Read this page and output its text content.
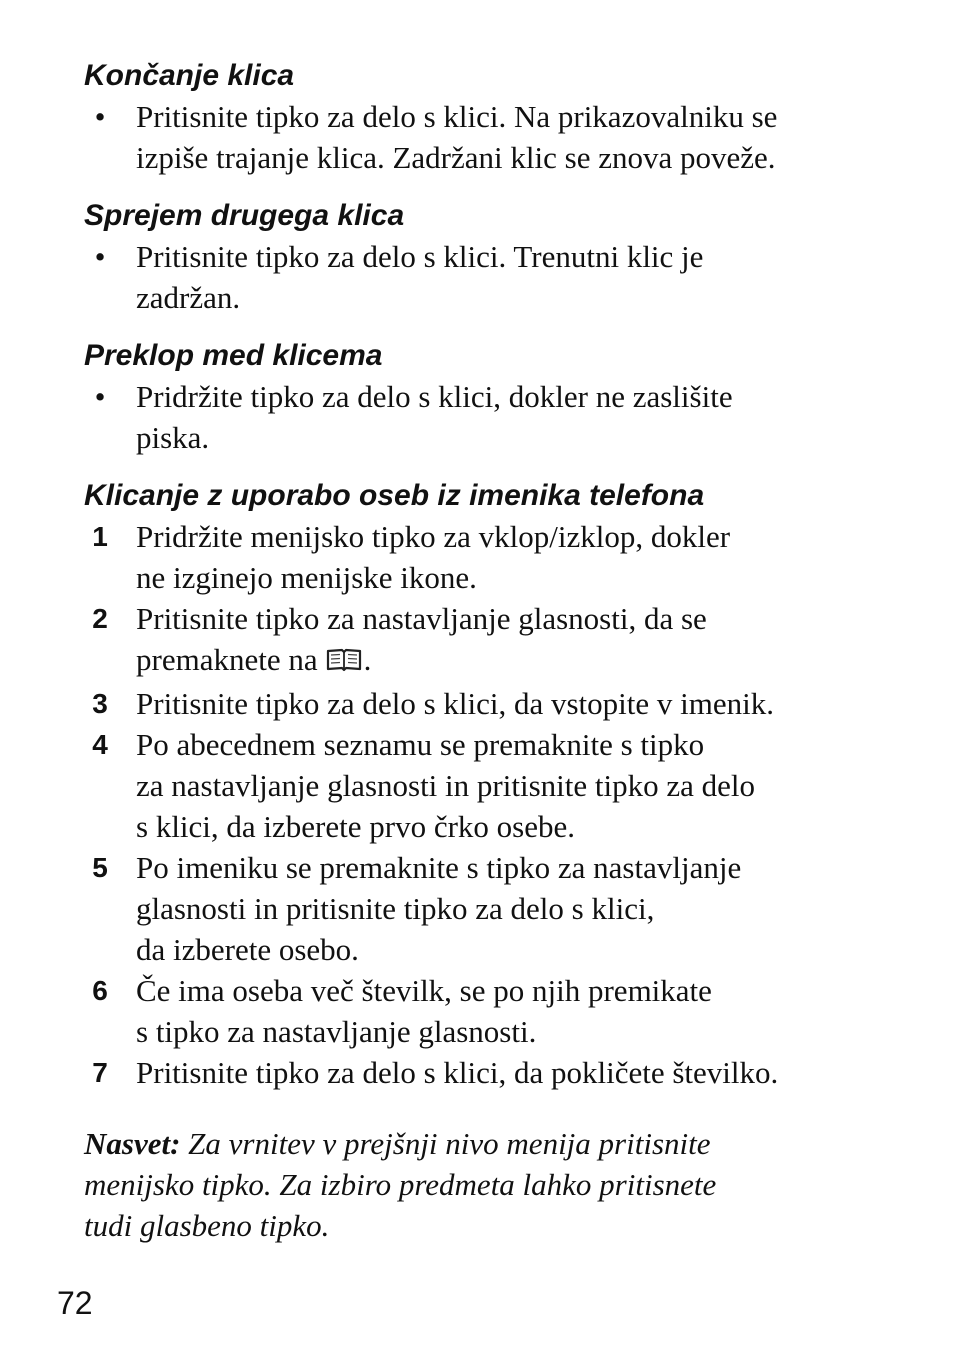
Končanje klica
• Pritisnite tipko za delo s klici. Na prikazovalniku se
izpiše trajanje klica. Zadržani klic se znova poveže.
Sprejem drugega klica
• Pritisnite tipko za delo s klici. Trenutni klic je
zadržan.
Preklop med klicema
• Pridržite tipko za delo s klici, dokler ne zaslišite
piska.
Klicanje z uporabo oseb iz imenika telefona
1 Pridržite menijsko tipko za vklop/izklop, dokler
ne izginejo menijske ikone.
2 Pritisnite tipko za nastavljanje glasnosti, da se
premaknete na .
3 Pritisnite tipko za delo s klici, da vstopite v imenik.
4 Po abecednem seznamu se premaknite s tipko
za nastavljanje glasnosti in pritisnite tipko za delo
s klici, da izberete prvo črko osebe.
5 Po imeniku se premaknite s tipko za nastavljanje
glasnosti in pritisnite tipko za delo s klici,
da izberete osebo.
6 Če ima oseba več številk, se po njih premikate
s tipko za nastavljanje glasnosti.
7 Pritisnite tipko za delo s klici, da pokličete številko.
Nasvet: Za vrnitev v prejšnji nivo menija pritisnite
menijsko tipko. Za izbiro predmeta lahko pritisnete
tudi glasbeno tipko.
72
